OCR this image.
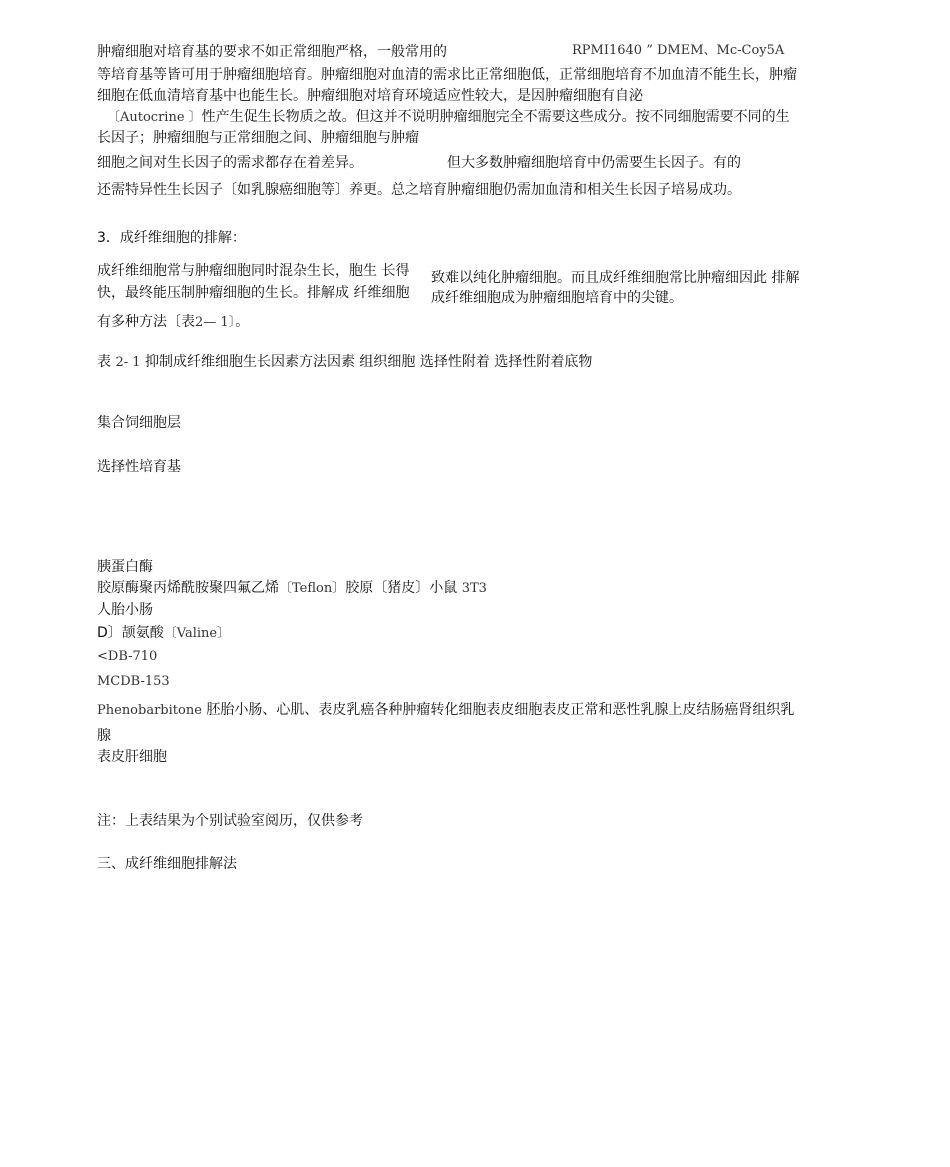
肿瘤细胞对培育基的要求不如正常细胞严格，一般常用的	RPMI1640 ” DMEM、Mc-Coy5A
等培育基等皆可用于肿瘤细胞培育。肿瘤细胞对血清的需求比正常细胞低，正常细胞培育不加血清不能生长，肿瘤
细胞在低血清培育基中也能生长。肿瘤细胞对培育环境适应性较大，是因肿瘤细胞有自泌
〔Autocrine 〕性产生促生长物质之故。但这并不说明肿瘤细胞完全不需要这些成分。按不同细胞需要不同的生
长因子；肿瘤细胞与正常细胞之间、肿瘤细胞与肿瘤
细胞之间对生长因子的需求都存在着差异。	但大多数肿瘤细胞培育中仍需要生长因子。有的
还需特异性生长因子〔如乳腺癌细胞等〕养更。总之培育肿瘤细胞仍需加血清和相关生长因子培易成功。
3．成纤维细胞的排解：
成纤维细胞常与肿瘤细胞同时混杂生长，胞生 长得
快，最终能压制肿瘤细胞的生长。排解成 纤维细胞
致难以纯化肿瘤细胞。而且成纤维细胞常比肿瘤细因此 排解
成纤维细胞成为肿瘤细胞培育中的尖键。
有多种方法〔表2— 1〕。
表 2- 1 抑制成纤维细胞生长因素方法因素 组织细胞 选择性附着 选择性附着底物
集合饲细胞层
选择性培育基
胰蛋白酶
胶原酶聚丙烯酰胺聚四氟乙烯〔Teflon〕胶原〔猪皮〕小鼠 3T3
人胎小肠
D〕颉氨酸〔Valine〕
<DB-710
MCDB-153
Phenobarbitone 胚胎小肠、心肌、表皮乳癌各种肿瘤转化细胞表皮细胞表皮正常和恶性乳腺上皮结肠癌肾组织乳
腺
表皮肝细胞
注：上表结果为个别试验室阅历，仅供参考
三、成纤维细胞排解法
